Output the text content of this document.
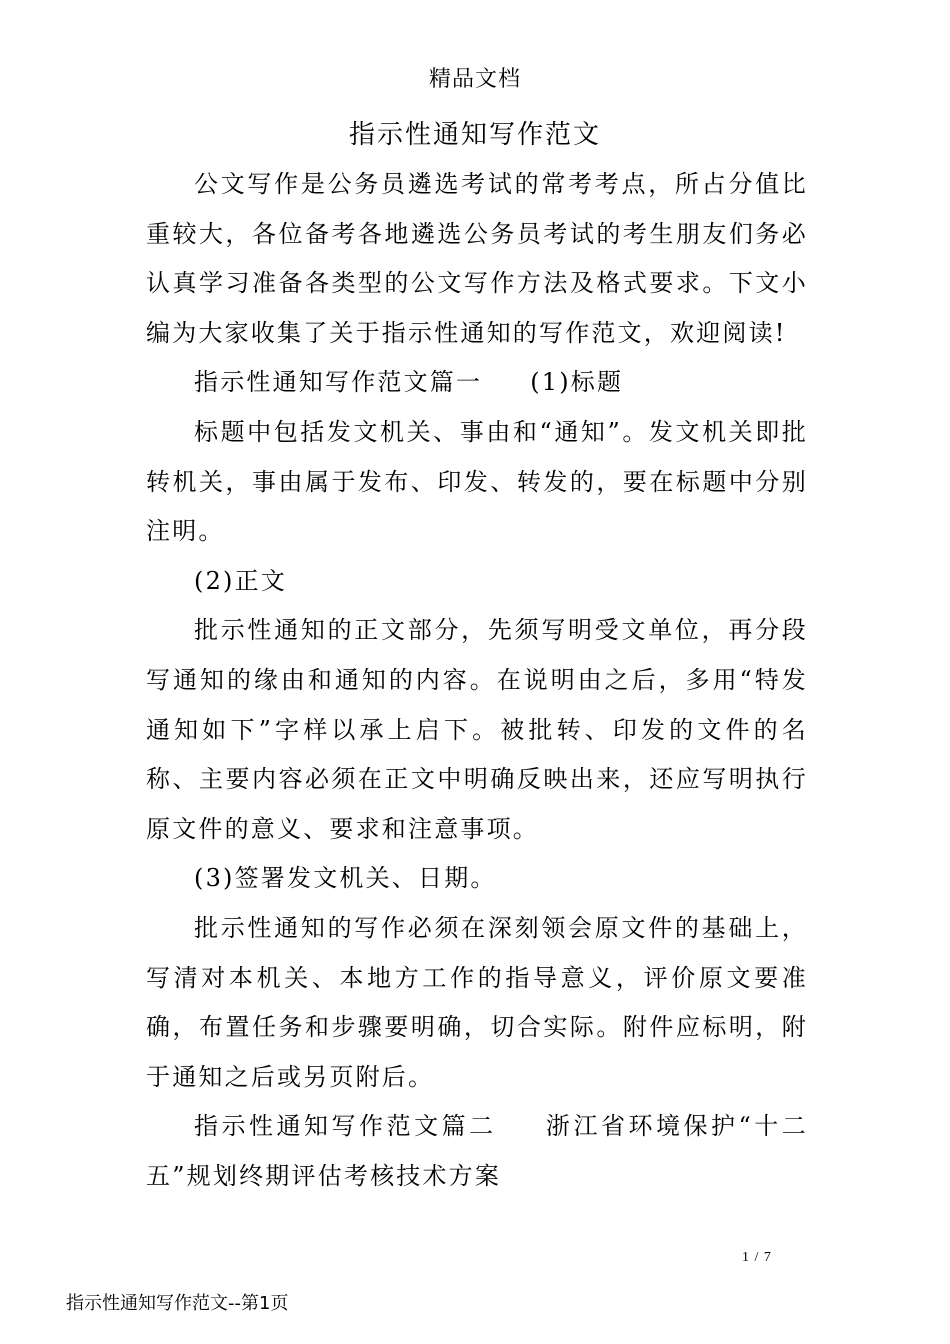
精品文档
指示性通知写作范文

公文写作是公务员遴选考试的常考考点，所占分值比重较大，各位备考各地遴选公务员考试的考生朋友们务必认真学习准备各类型的公文写作方法及格式要求。下文小编为大家收集了关于指示性通知的写作范文，欢迎阅读!

指示性通知写作范文篇一 (1)标题

标题中包括发文机关、事由和“通知”。发文机关即批转机关，事由属于发布、印发、转发的，要在标题中分别注明。

(2)正文

批示性通知的正文部分，先须写明受文单位，再分段写通知的缘由和通知的内容。在说明由之后，多用“特发通知如下”字样以承上启下。被批转、印发的文件的名称、主要内容必须在正文中明确反映出来，还应写明执行原文件的意义、要求和注意事项。

(3)签署发文机关、日期。

批示性通知的写作必须在深刻领会原文件的基础上，写清对本机关、本地方工作的指导意义，评价原文要准确，布置任务和步骤要明确，切合实际。附件应标明，附于通知之后或另页附后。

指示性通知写作范文篇二 浙江省环境保护“十二五”规划终期评估考核技术方案

1 / 7
指示性通知写作范文--第1页
